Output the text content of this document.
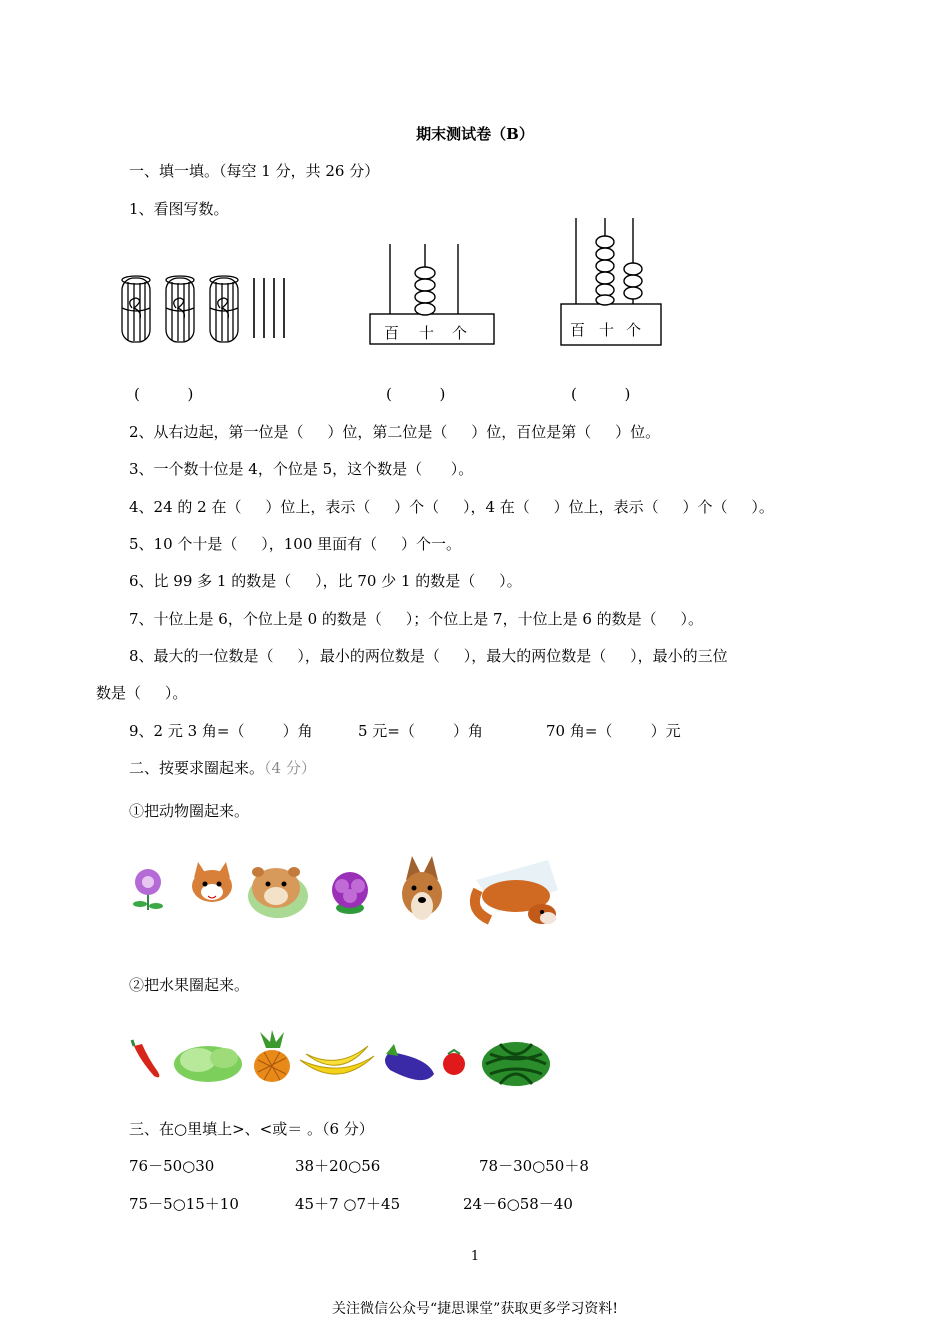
期末测试卷（B）
一、填一填。（每空 1 分，共 26 分）
1、看图写数。
百 十 个	百 十 个
(          )	(          )	(          )
2、从右边起，第一位是（     ）位，第二位是（     ）位，百位是第（     ）位。
3、一个数十位是 4，个位是 5，这个数是（      ）。
4、24 的 2 在（     ）位上，表示（     ）个（     ），4 在（     ）位上，表示（     ）个（     ）。
5、10 个十是（     ），100 里面有（     ）个一。
6、比 99 多 1 的数是（     ），比 70 少 1 的数是（     ）。
7、十位上是 6，个位上是 0 的数是（     ）；个位上是 7，十位上是 6 的数是（     ）。
8、最大的一位数是（     ），最小的两位数是（     ），最大的两位数是（     ），最小的三位
数是（     ）。
9、2 元 3 角=（        ）角	5 元=（        ）角	70 角=（        ）元
二、按要求圈起来。（4 分）
①把动物圈起来。
②把水果圈起来。
三、在○里填上>、<或＝ 。（6 分）
76－50○30	38＋20○56	78－30○50＋8
75－5○15＋10	45＋7 ○7＋45	24－6○58－40
1
关注微信公众号“捷思课堂”获取更多学习资料!
